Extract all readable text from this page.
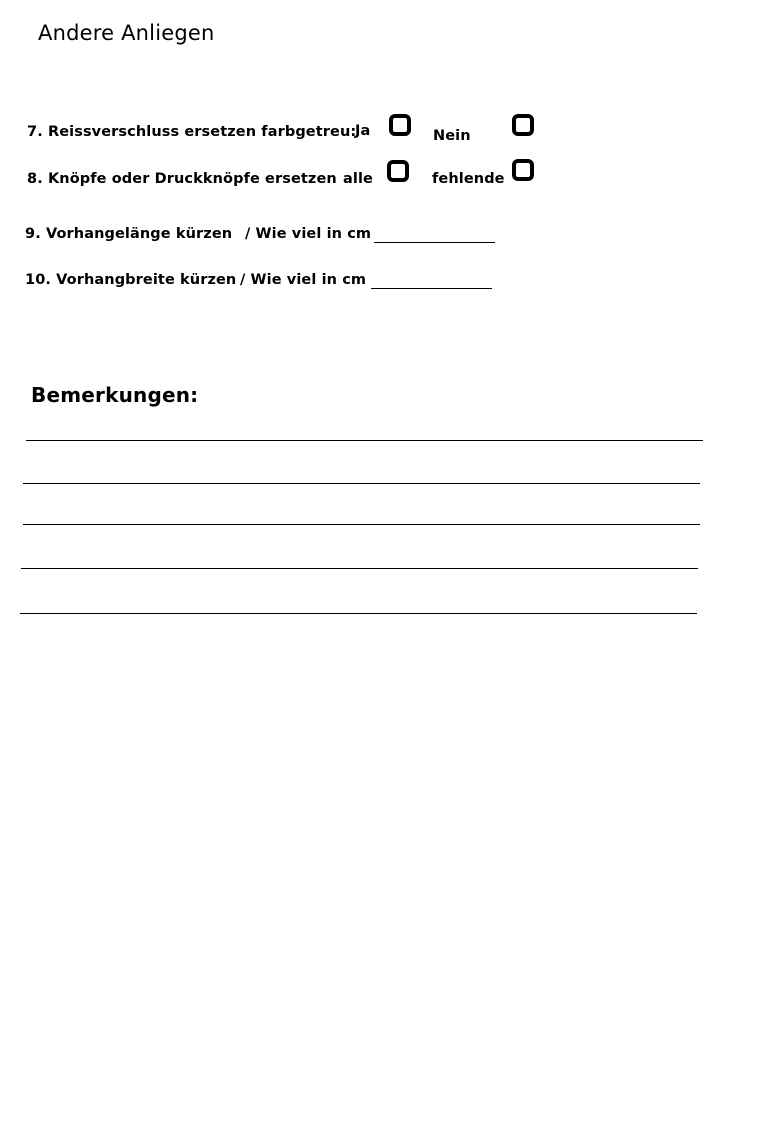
Andere Anliegen
7. Reissverschluss ersetzen farbgetreu:
Ja	Nein
8. Knöpfe oder Druckknöpfe ersetzen alle	fehlende
9. Vorhangelänge kürzen / Wie viel in cm
10. Vorhangbreite kürzen / Wie viel in cm
Bemerkungen:
